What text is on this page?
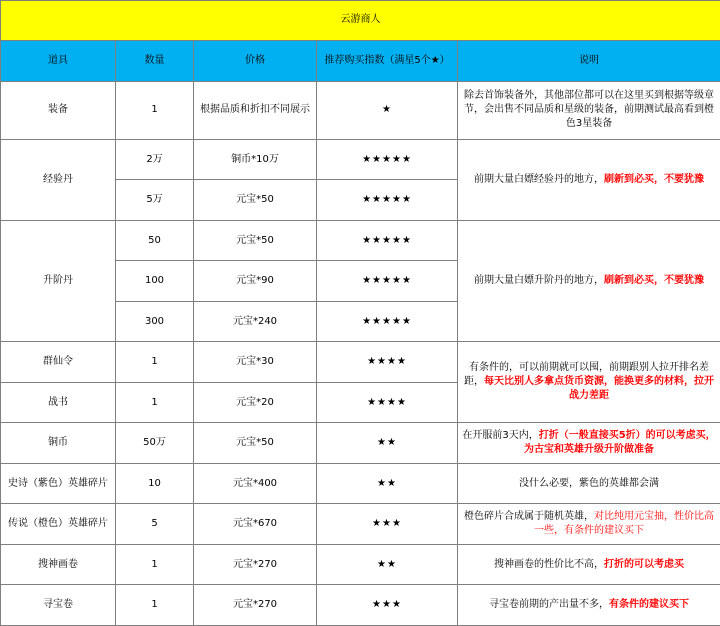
云游商人				
道具	数量	价格	推荐购买指数（满星5个★）	说明
装备	1	根据品质和折扣不同展示	★	除去首饰装备外，其他部位都可以在这里买到根据等级章节，会出售不同品质和星级的装备，前期测试最高看到橙色3星装备
经验丹	2万	铜币*10万	★★★★★	前期大量白嫖经验丹的地方，刷新到必买，不要犹豫
	5万	元宝*50	★★★★★	
升阶丹	50	元宝*50	★★★★★	前期大量白嫖升阶丹的地方，刷新到必买，不要犹豫
	100	元宝*90	★★★★★	
	300	元宝*240	★★★★★	
群仙令	1	元宝*30	★★★★	有条件的，可以前期就可以囤，前期跟别人拉开排名差距，每天比别人多拿点货币资源，能换更多的材料，拉开战力差距
战书	1	元宝*20	★★★★	
铜币	50万	元宝*50	★★	在开服前3天内，打折（一般直接买5折）的可以考虑买，为古宝和英雄升级升阶做准备
史诗（紫色）英雄碎片	10	元宝*400	★★	没什么必要，紫色的英雄都会满
传说（橙色）英雄碎片	5	元宝*670	★★★	橙色碎片合成属于随机英雄，对比纯用元宝抽，性价比高一些，有条件的建议买下
搜神画卷	1	元宝*270	★★	搜神画卷的性价比不高，打折的可以考虑买
寻宝卷	1	元宝*270	★★★	寻宝卷前期的产出量不多，有条件的建议买下
